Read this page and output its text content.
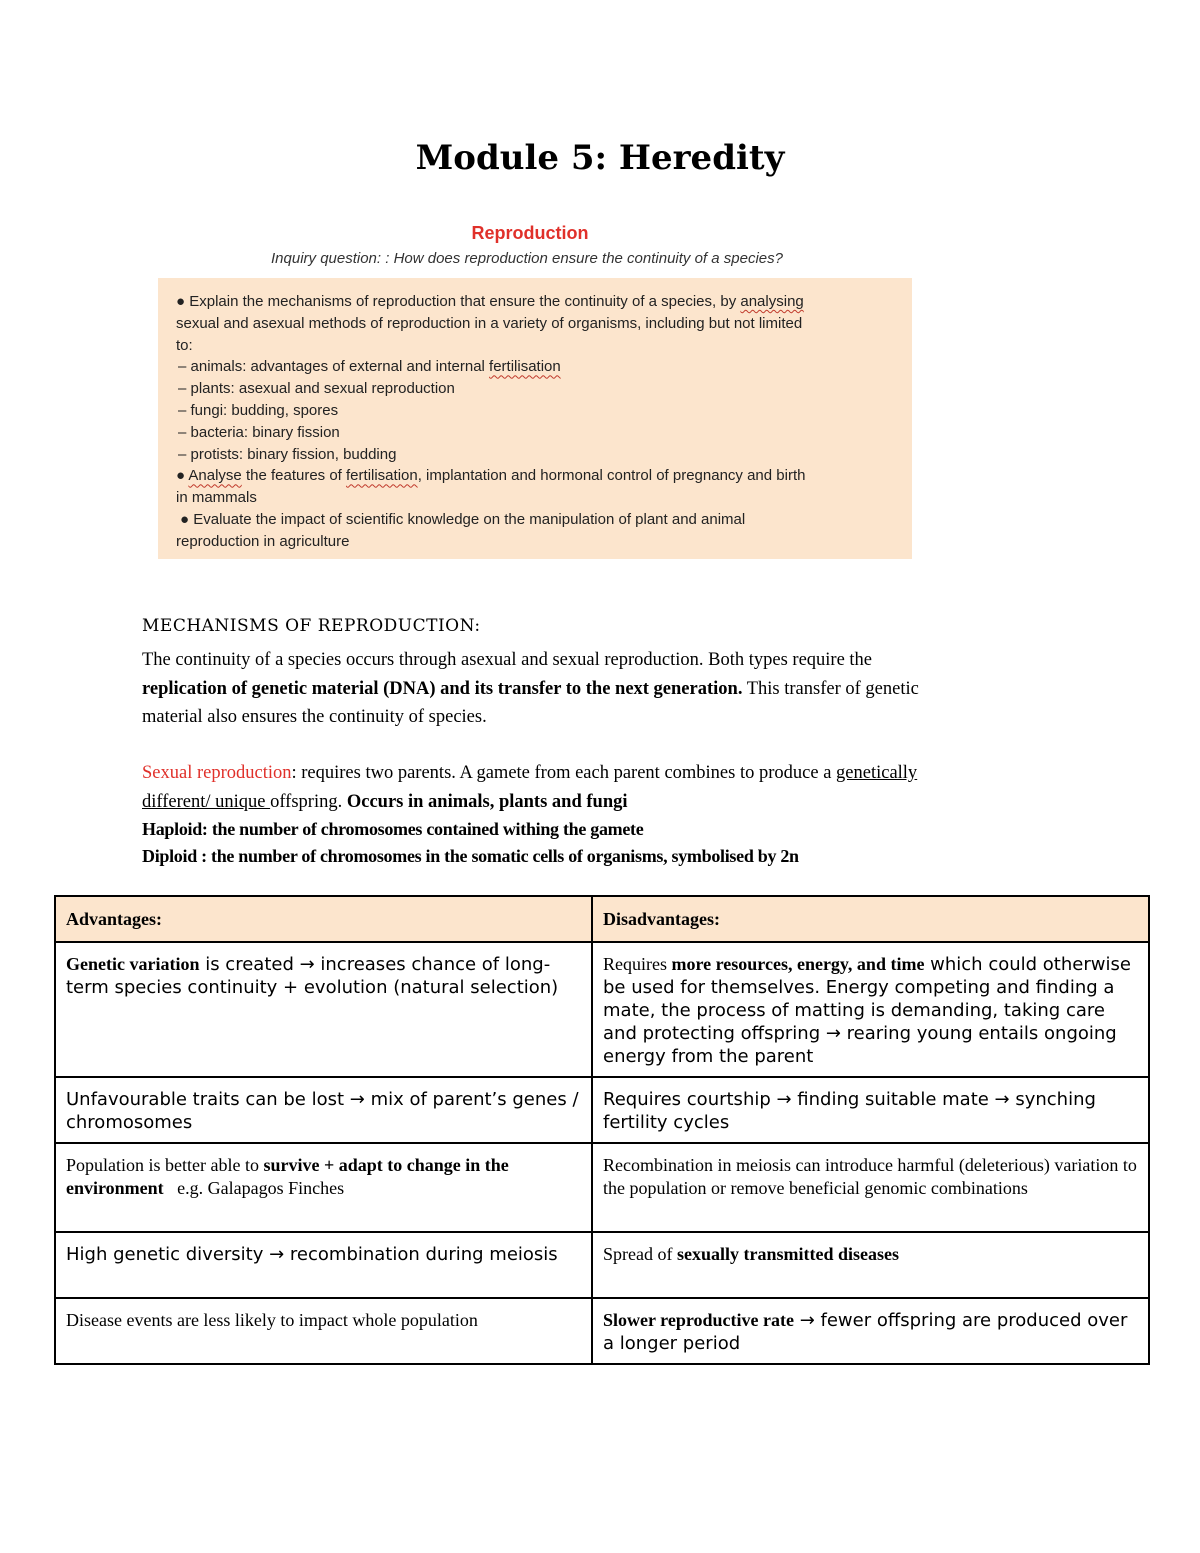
Module 5: Heredity
Reproduction
Inquiry question: : How does reproduction ensure the continuity of a species?

● Explain the mechanisms of reproduction that ensure the continuity of a species, by analysing

sexual and asexual methods of reproduction in a variety of organisms, including but not limited

to:

– animals: advantages of external and internal fertilisation

– plants: asexual and sexual reproduction

– fungi: budding, spores

– bacteria: binary fission

– protists: binary fission, budding

● Analyse the features of fertilisation, implantation and hormonal control of pregnancy and birth

in mammals

● Evaluate the impact of scientific knowledge on the manipulation of plant and animal

reproduction in agriculture

MECHANISMS OF REPRODUCTION:

The continuity of a species occurs through asexual and sexual reproduction. Both types require the

replication of genetic material (DNA) and its transfer to the next generation. This transfer of genetic

material also ensures the continuity of species.

Sexual reproduction: requires two parents. A gamete from each parent combines to produce a genetically

different/ unique offspring. Occurs in animals, plants and fungi

Haploid: the number of chromosomes contained withing the gamete

Diploid : the number of chromosomes in the somatic cells of organisms, symbolised by 2n

Advantages:	Disadvantages:
Genetic variation is created → increases chance of long-term species continuity + evolution (natural selection)	Requires more resources, energy, and time which could otherwise be used for themselves. Energy competing and finding a mate, the process of matting is demanding, taking care and protecting offspring → rearing young entails ongoing energy from the parent
Unfavourable traits can be lost → mix of parent’s genes / chromosomes	Requires courtship → finding suitable mate → synching fertility cycles
Population is better able to survive + adapt to change in the environment   e.g. Galapagos Finches	Recombination in meiosis can introduce harmful (deleterious) variation to the population or remove beneficial genomic combinations
High genetic diversity → recombination during meiosis	Spread of sexually transmitted diseases
Disease events are less likely to impact whole population	Slower reproductive rate → fewer offspring are produced over a longer period
